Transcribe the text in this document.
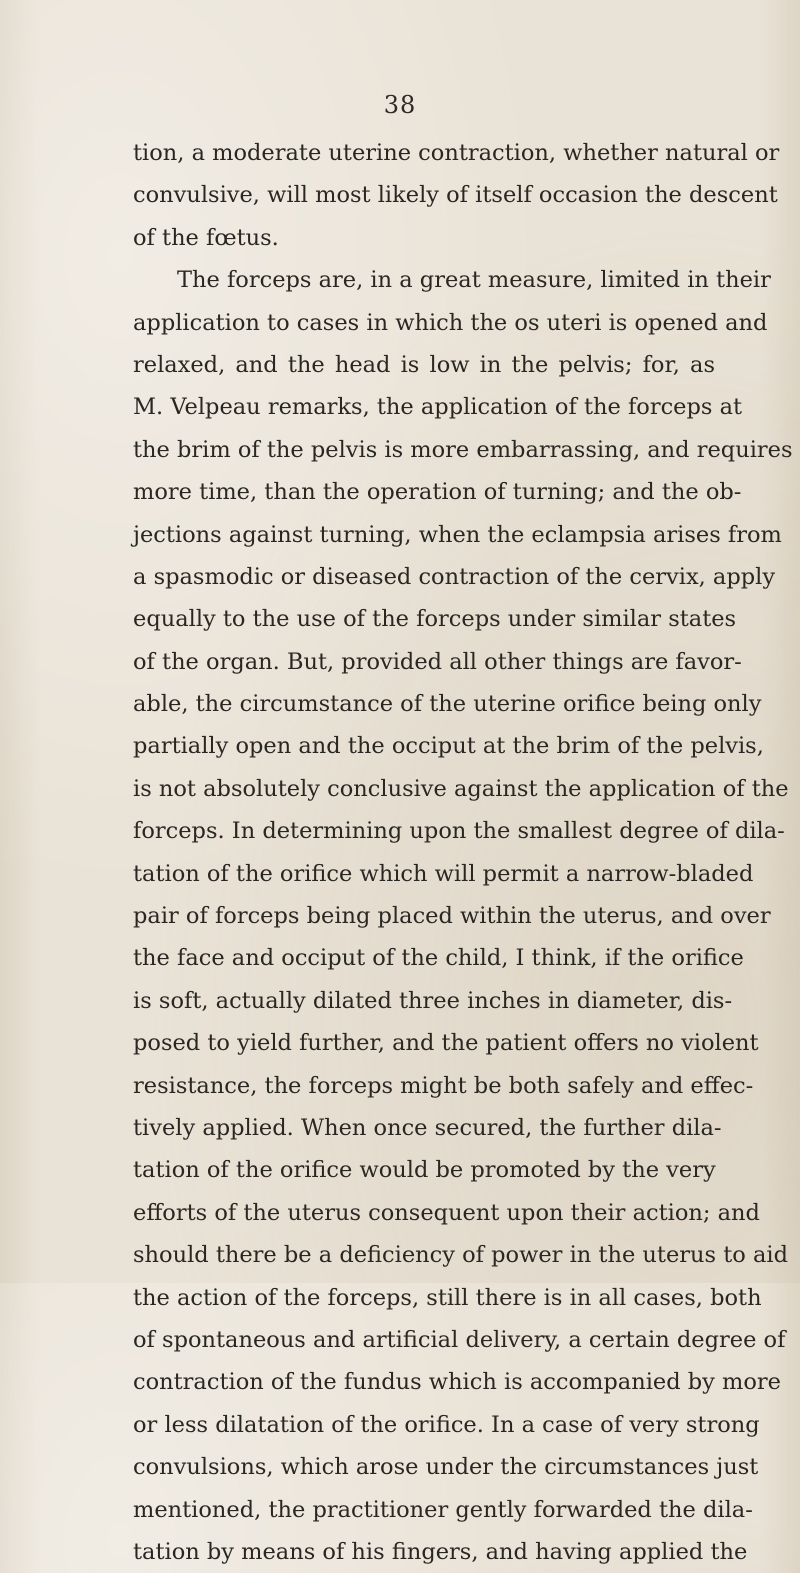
38
tion, a moderate uterine contraction, whether natural or
convulsive, will most likely of itself occasion the descent
of the fœtus.
The forceps are, in a great measure, limited in their
application to cases in which the os uteri is opened and
relaxed, and the head is low in the pelvis; for, as
M. Velpeau remarks, the application of the forceps at
the brim of the pelvis is more embarrassing, and requires
more time, than the operation of turning; and the ob-
jections against turning, when the eclampsia arises from
a spasmodic or diseased contraction of the cervix, apply
equally to the use of the forceps under similar states
of the organ. But, provided all other things are favor-
able, the circumstance of the uterine orifice being only
partially open and the occiput at the brim of the pelvis,
is not absolutely conclusive against the application of the
forceps. In determining upon the smallest degree of dila-
tation of the orifice which will permit a narrow-bladed
pair of forceps being placed within the uterus, and over
the face and occiput of the child, I think, if the orifice
is soft, actually dilated three inches in diameter, dis-
posed to yield further, and the patient offers no violent
resistance, the forceps might be both safely and effec-
tively applied. When once secured, the further dila-
tation of the orifice would be promoted by the very
efforts of the uterus consequent upon their action; and
should there be a deficiency of power in the uterus to aid
the action of the forceps, still there is in all cases, both
of spontaneous and artificial delivery, a certain degree of
contraction of the fundus which is accompanied by more
or less dilatation of the orifice. In a case of very strong
convulsions, which arose under the circumstances just
mentioned, the practitioner gently forwarded the dila-
tation by means of his fingers, and having applied the
